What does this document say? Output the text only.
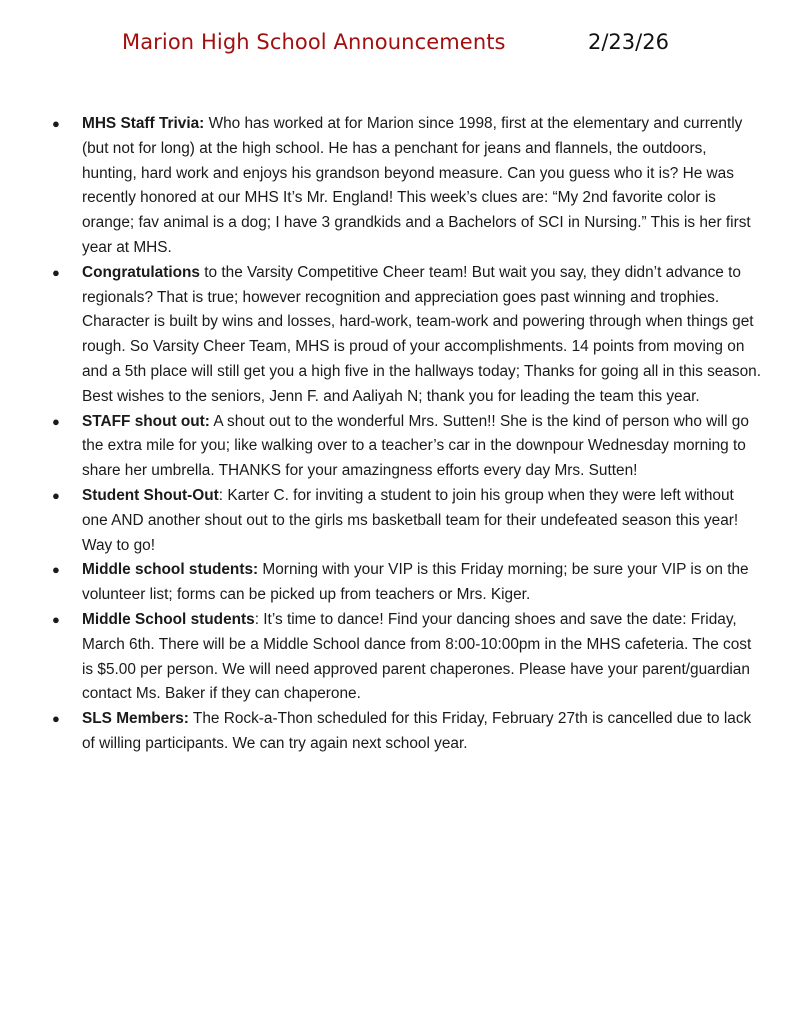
Marion High School Announcements	2/23/26
● MHS Staff Trivia: Who has worked at for Marion since 1998, first at the elementary and currently (but not for long) at the high school. He has a penchant for jeans and flannels, the outdoors, hunting, hard work and enjoys his grandson beyond measure. Can you guess who it is? He was recently honored at our MHS It’s Mr. England! This week’s clues are: “My 2nd favorite color is orange; fav animal is a dog; I have 3 grandkids and a Bachelors of SCI in Nursing.” This is her first year at MHS.
● Congratulations to the Varsity Competitive Cheer team! But wait you say, they didn’t advance to regionals? That is true; however recognition and appreciation goes past winning and trophies. Character is built by wins and losses, hard-work, team-work and powering through when things get rough. So Varsity Cheer Team, MHS is proud of your accomplishments. 14 points from moving on and a 5th place will still get you a high five in the hallways today; Thanks for going all in this season. Best wishes to the seniors, Jenn F. and Aaliyah N; thank you for leading the team this year.
● STAFF shout out: A shout out to the wonderful Mrs. Sutten!! She is the kind of person who will go the extra mile for you; like walking over to a teacher’s car in the downpour Wednesday morning to share her umbrella. THANKS for your amazingness efforts every day Mrs. Sutten!
● Student Shout-Out: Karter C. for inviting a student to join his group when they were left without one AND another shout out to the girls ms basketball team for their undefeated season this year! Way to go!
● Middle school students: Morning with your VIP is this Friday morning; be sure your VIP is on the volunteer list; forms can be picked up from teachers or Mrs. Kiger.
● Middle School students: It’s time to dance! Find your dancing shoes and save the date: Friday, March 6th. There will be a Middle School dance from 8:00-10:00pm in the MHS cafeteria. The cost is $5.00 per person. We will need approved parent chaperones. Please have your parent/guardian contact Ms. Baker if they can chaperone.
● SLS Members: The Rock-a-Thon scheduled for this Friday, February 27th is cancelled due to lack of willing participants. We can try again next school year.
